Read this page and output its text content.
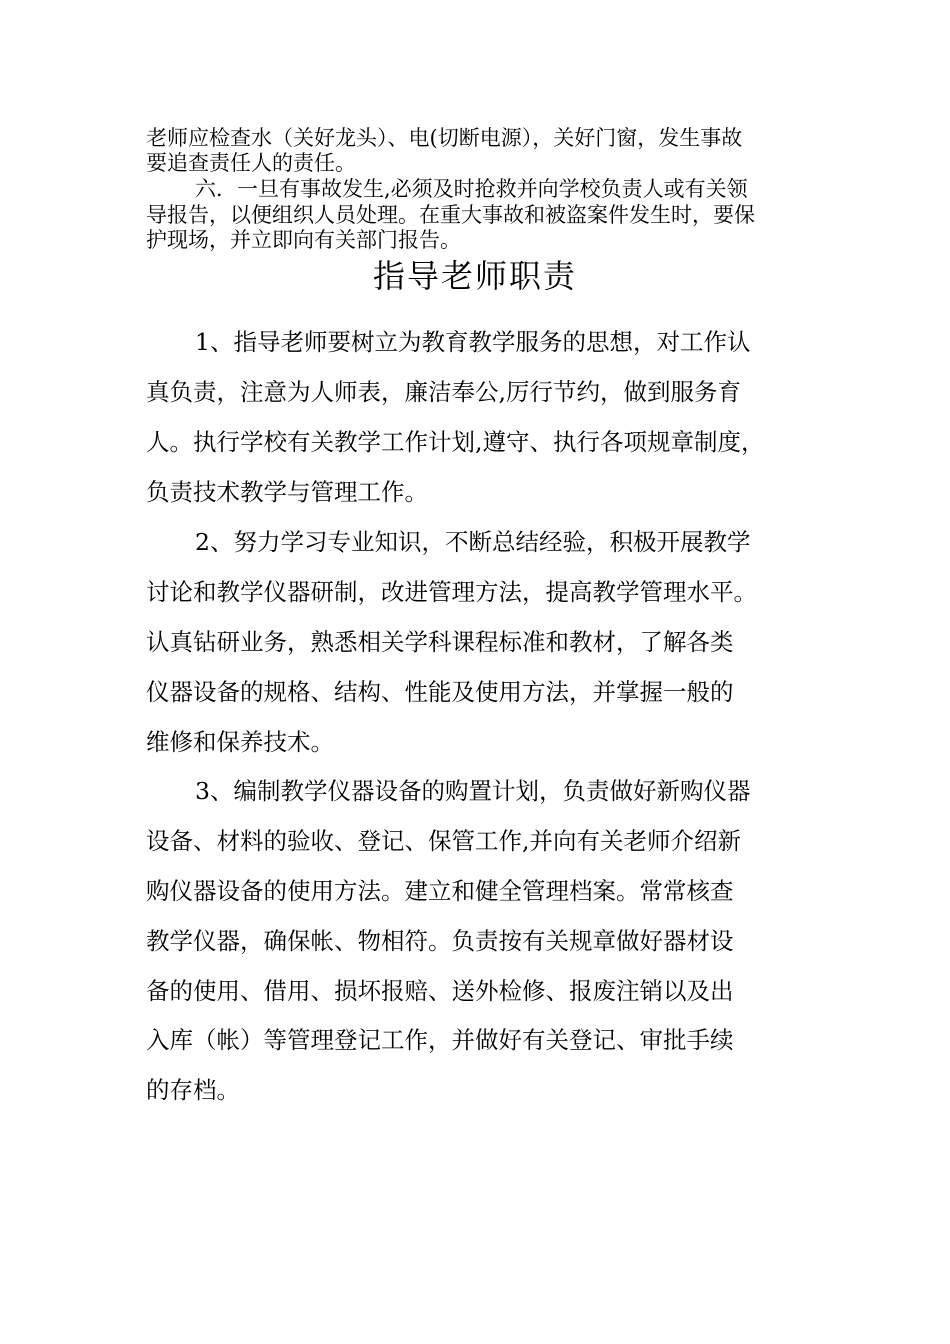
老师应检查水（关好龙头）、电(切断电源），关好门窗，发生事故
要追查责任人的责任。
六．一旦有事故发生,必须及时抢救并向学校负责人或有关领
导报告，以便组织人员处理。在重大事故和被盗案件发生时，要保
护现场，并立即向有关部门报告。
指导老师职责
1、指导老师要树立为教育教学服务的思想，对工作认
真负责，注意为人师表，廉洁奉公,厉行节约，做到服务育
人。执行学校有关教学工作计划,遵守、执行各项规章制度，
负责技术教学与管理工作。
2、努力学习专业知识，不断总结经验，积极开展教学
讨论和教学仪器研制，改进管理方法，提高教学管理水平。
认真钻研业务，熟悉相关学科课程标准和教材，了解各类
仪器设备的规格、结构、性能及使用方法，并掌握一般的
维修和保养技术。
3、编制教学仪器设备的购置计划，负责做好新购仪器
设备、材料的验收、登记、保管工作,并向有关老师介绍新
购仪器设备的使用方法。建立和健全管理档案。常常核查
教学仪器，确保帐、物相符。负责按有关规章做好器材设
备的使用、借用、损坏报赔、送外检修、报废注销以及出
入库（帐）等管理登记工作，并做好有关登记、审批手续
的存档。
